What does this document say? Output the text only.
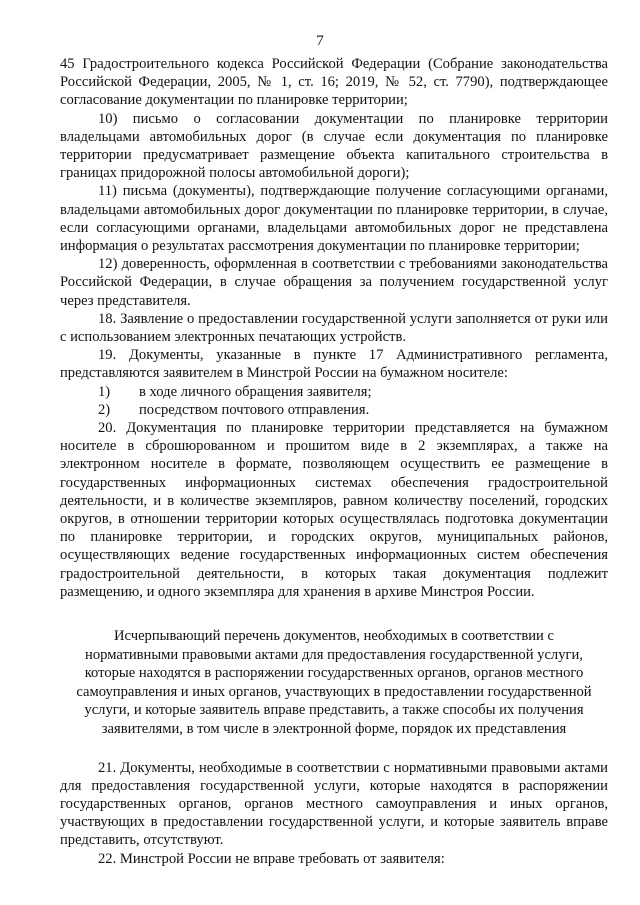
7

45 Градостроительного кодекса Российской Федерации (Собрание законодательства Российской Федерации, 2005, № 1, ст. 16; 2019, № 52, ст. 7790), подтверждающее согласование документации по планировке территории;

10) письмо о согласовании документации по планировке территории владельцами автомобильных дорог (в случае если документация по планировке территории предусматривает размещение объекта капитального строительства в границах придорожной полосы автомобильной дороги);

11) письма (документы), подтверждающие получение согласующими органами, владельцами автомобильных дорог документации по планировке территории, в случае, если согласующими органами, владельцами автомобильных дорог не представлена информация о результатах рассмотрения документации по планировке территории;

12) доверенность, оформленная в соответствии с требованиями законодательства Российской Федерации, в случае обращения за получением государственной услуг через представителя.

18. Заявление о предоставлении государственной услуги заполняется от руки или с использованием электронных печатающих устройств.

19. Документы, указанные в пункте 17 Административного регламента, представляются заявителем в Минстрой России на бумажном носителе:

1)	в ходе личного обращения заявителя;
2)	посредством почтового отправления.

20. Документация по планировке территории представляется на бумажном носителе в сброшюрованном и прошитом виде в 2 экземплярах, а также на электронном носителе в формате, позволяющем осуществить ее размещение в государственных информационных системах обеспечения градостроительной деятельности, и в количестве экземпляров, равном количеству поселений, городских округов, в отношении территории которых осуществлялась подготовка документации по планировке территории, и городских округов, муниципальных районов, осуществляющих ведение государственных информационных систем обеспечения градостроительной деятельности, в которых такая документация подлежит размещению, и одного экземпляра для хранения в архиве Минстроя России.

Исчерпывающий перечень документов, необходимых в соответствии с нормативными правовыми актами для предоставления государственной услуги, которые находятся в распоряжении государственных органов, органов местного самоуправления и иных органов, участвующих в предоставлении государственной услуги, и которые заявитель вправе представить, а также способы их получения заявителями, в том числе в электронной форме, порядок их представления

21. Документы, необходимые в соответствии с нормативными правовыми актами для предоставления государственной услуги, которые находятся в распоряжении государственных органов, органов местного самоуправления и иных органов, участвующих в предоставлении государственной услуги, и которые заявитель вправе представить, отсутствуют.

22. Минстрой России не вправе требовать от заявителя:
